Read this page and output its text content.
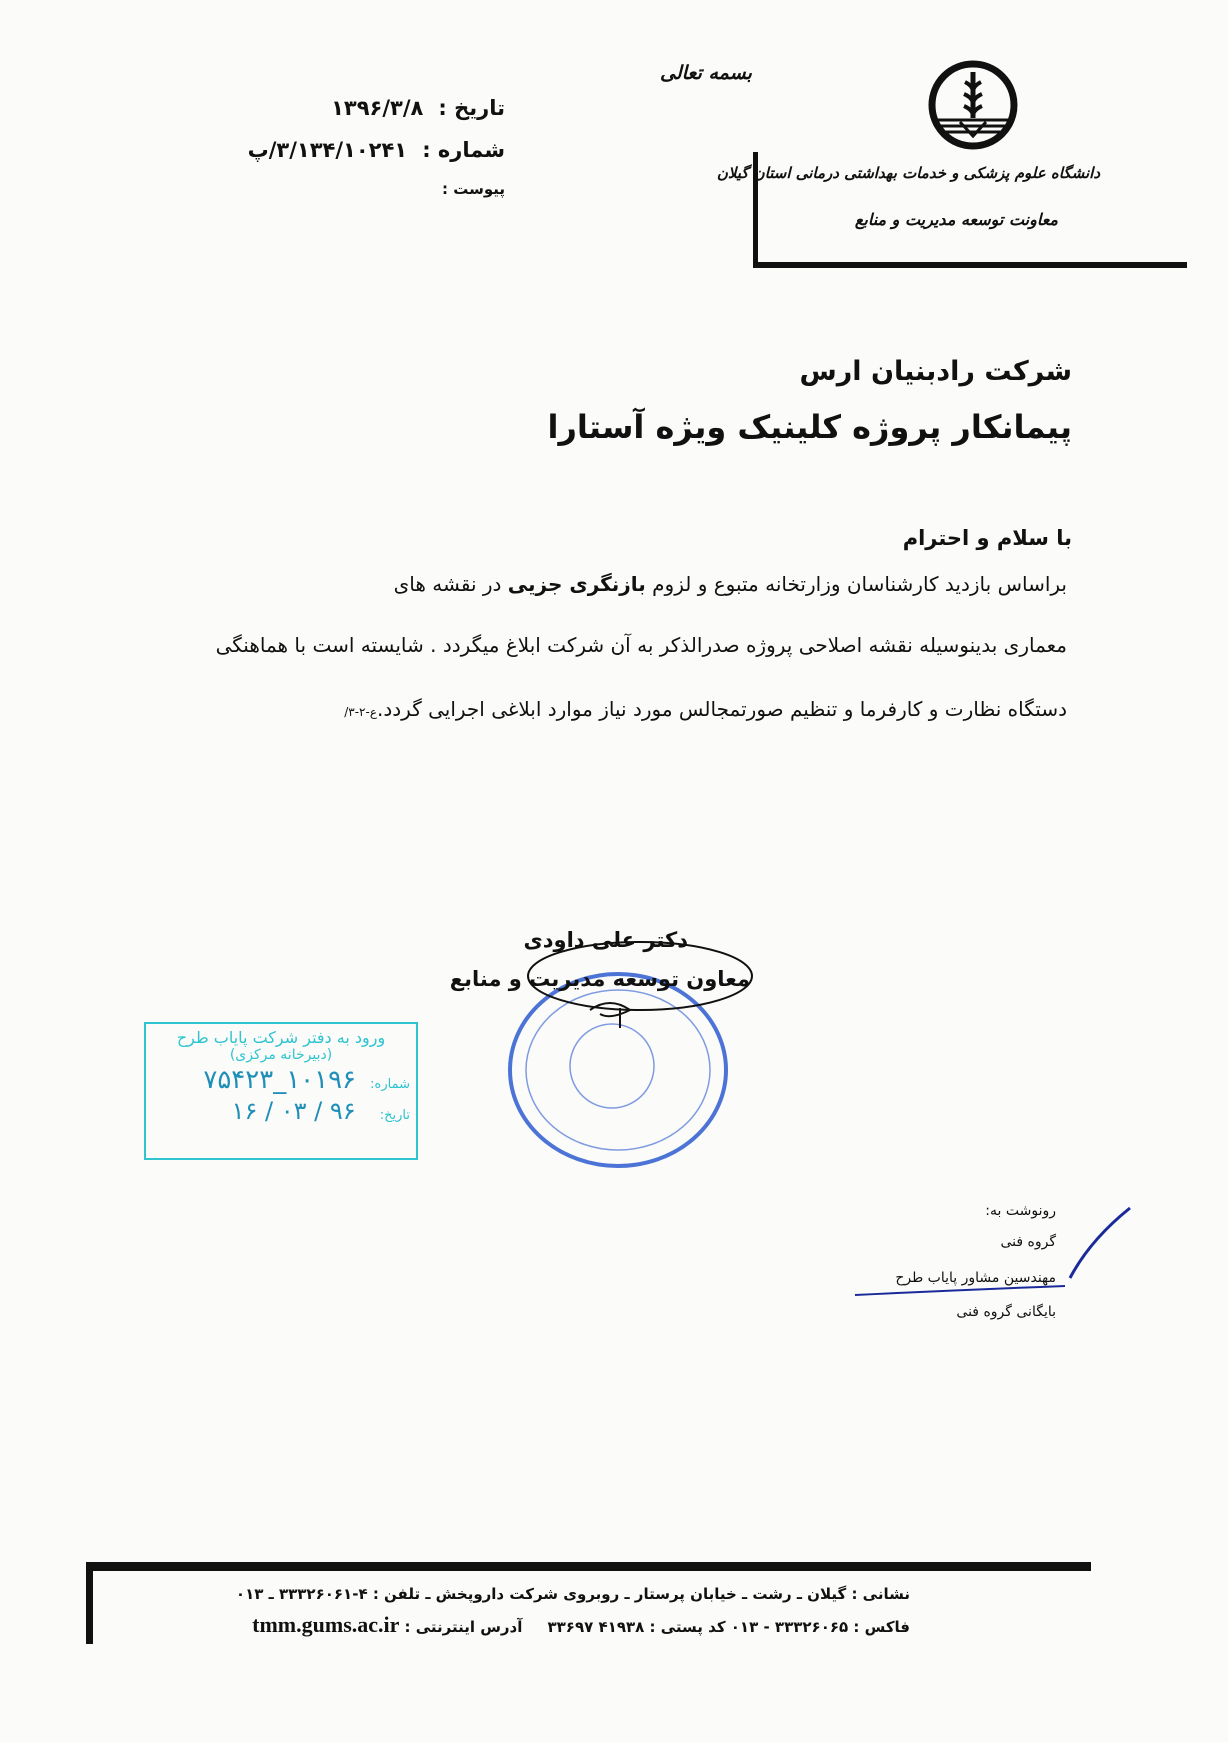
بسمه تعالی
تاریخ : ۱۳۹۶/۳/۸
شماره : ۳/۱۳۴/۱۰۲۴۱/پ
پیوست :
دانشگاه علوم پزشکی و خدمات بهداشتی درمانی استان گیلان
معاونت توسعه مدیریت و منابع
شرکت رادبنیان ارس
پیمانکار پروژه کلینیک ویژه آستارا
با سلام و احترام
براساس بازدید کارشناسان وزارتخانه متبوع و لزوم بازنگری جزیی در نقشه های
معماری بدینوسیله نقشه اصلاحی پروژه صدرالذکر به آن شرکت ابلاغ میگردد . شایسته است با هماهنگی
دستگاه نظارت و کارفرما و تنظیم صورتمجالس مورد نیاز موارد ابلاغی اجرایی گردد.ع-۲-۳/
دکتر علی داودی
معاون توسعه مدیریت و منابع
ورود به دفتر شرکت پایاب طرح
(دبیرخانه مرکزی)
شماره: ۱۰۱۹۶_۷۵۴۲۳
تاریخ: ۹۶ / ۰۳ / ۱۶
رونوشت به:
گروه فنی
مهندسین مشاور پایاب طرح
بایگانی گروه فنی
نشانی : گیلان ـ رشت ـ خیابان پرستار ـ روبروی شرکت داروپخش ـ تلفن : ۴-۳۳۳۲۶۰۶۱ ـ ۰۱۳
فاکس : ۳۳۳۲۶۰۶۵ - ۰۱۳ کد پستی : ۴۱۹۳۸ ۳۳۶۹۷ آدرس اینترنتی : tmm.gums.ac.ir
